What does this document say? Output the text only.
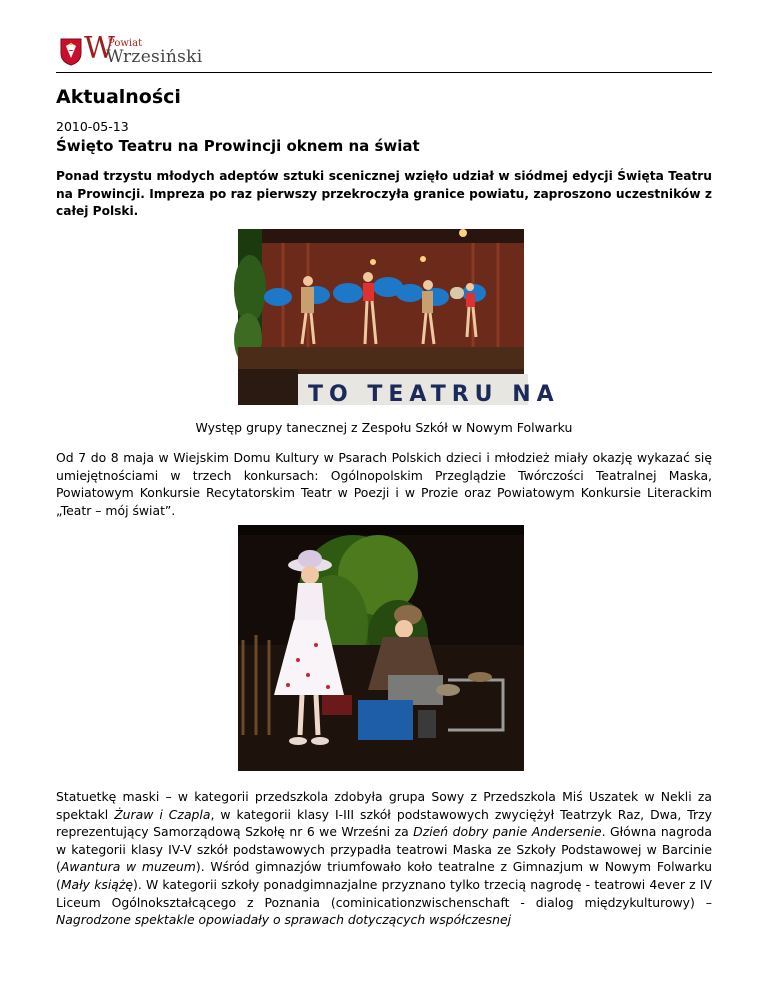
W
Powiat
Wrzesiński
Aktualności
2010-05-13
Święto Teatru na Prowincji oknem na świat
Ponad trzystu młodych adeptów sztuki scenicznej wzięło udział w siódmej edycji Święta Teatru na Prowincji. Impreza po raz pierwszy przekroczyła granice powiatu, zaproszono uczestników z całej Polski.
TO TEATRU NA
Występ grupy tanecznej z Zespołu Szkół w Nowym Folwarku
Od 7 do 8 maja w Wiejskim Domu Kultury w Psarach Polskich dzieci i młodzież miały okazję wykazać się umiejętnościami w trzech konkursach: Ogólnopolskim Przeglądzie Twórczości Teatralnej Maska, Powiatowym Konkursie Recytatorskim Teatr w Poezji i w Prozie oraz Powiatowym Konkursie Literackim „Teatr – mój świat”.
Statuetkę maski – w kategorii przedszkola zdobyła grupa Sowy z Przedszkola Miś Uszatek w Nekli za spektakl Żuraw i Czapla, w kategorii klasy I-III szkół podstawowych zwyciężył Teatrzyk Raz, Dwa, Trzy reprezentujący Samorządową Szkołę nr 6 we Wrześni za Dzień dobry panie Andersenie. Główna nagroda w kategorii klasy IV-V szkół podstawowych przypadła teatrowi Maska ze Szkoły Podstawowej w Barcinie (Awantura w muzeum). Wśród gimnazjów triumfowało koło teatralne z Gimnazjum w Nowym Folwarku (Mały książę). W kategorii szkoły ponadgimnazjalne przyznano tylko trzecią nagrodę - teatrowi 4ever z IV Liceum Ogólnokształcącego z Poznania (cominicationzwischenschaft - dialog międzykulturowy) – Nagrodzone spektakle opowiadały o sprawach dotyczących współczesnej
